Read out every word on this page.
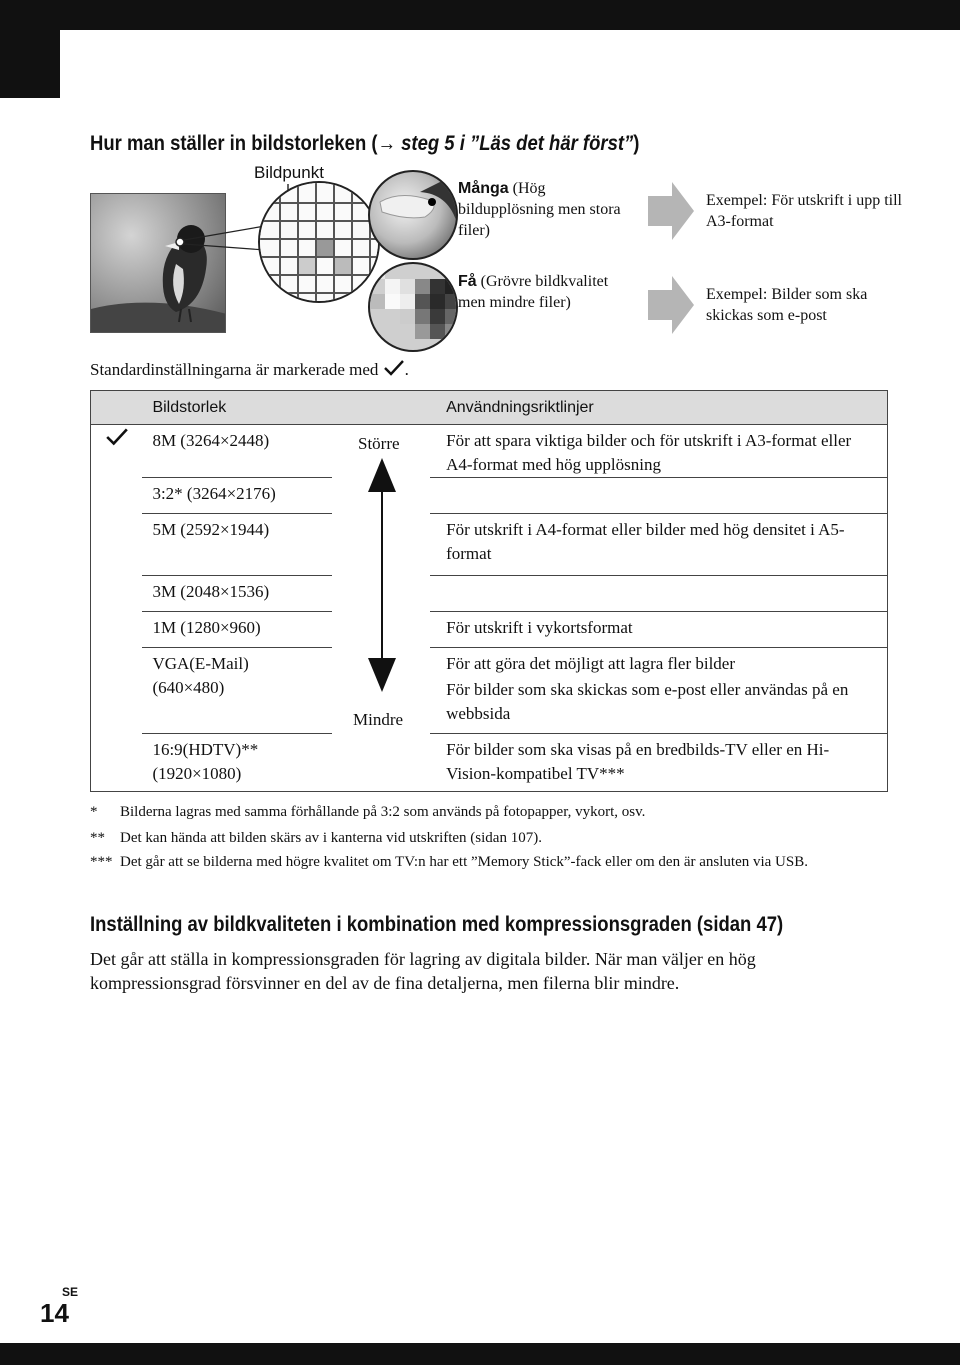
Hur man ställer in bildstorleken (→ steg 5 i ”Läs det här först”)
Bildpunkt
Många (Hög bildupplösning men stora filer)
Få (Grövre bildkvalitet men mindre filer)
Exempel: För utskrift i upp till A3-format
Exempel: Bilder som ska skickas som e-post
Standardinställningarna är markerade med .
	Bildstorlek		Användningsriktlinjer
	8M (3264×2448)		För att spara viktiga bilder och för utskrift i A3-format eller A4-format med hög upplösning
	3:2* (3264×2176)		
	5M (2592×1944)		För utskrift i A4-format eller bilder med hög densitet i A5-format
	3M (2048×1536)		
	1M (1280×960)		För utskrift i vykortsformat

	VGA(E-Mail) (640×480)		För att göra det möjligt att lagra fler bilder
För bilder som ska skickas som e-post eller användas på en webbsida

	16:9(HDTV)** (1920×1080)		För bilder som ska visas på en bredbilds-TV eller en Hi-Vision-kompatibel TV***
Större
Mindre
* Bilderna lagras med samma förhållande på 3:2 som används på fotopapper, vykort, osv.
** Det kan hända att bilden skärs av i kanterna vid utskriften (sidan 107).
*** Det går att se bilderna med högre kvalitet om TV:n har ett ”Memory Stick”-fack eller om den är ansluten via USB.
Inställning av bildkvaliteten i kombination med kompressionsgraden (sidan 47)
Det går att ställa in kompressionsgraden för lagring av digitala bilder. När man väljer en hög kompressionsgrad försvinner en del av de fina detaljerna, men filerna blir mindre.
SE
14
